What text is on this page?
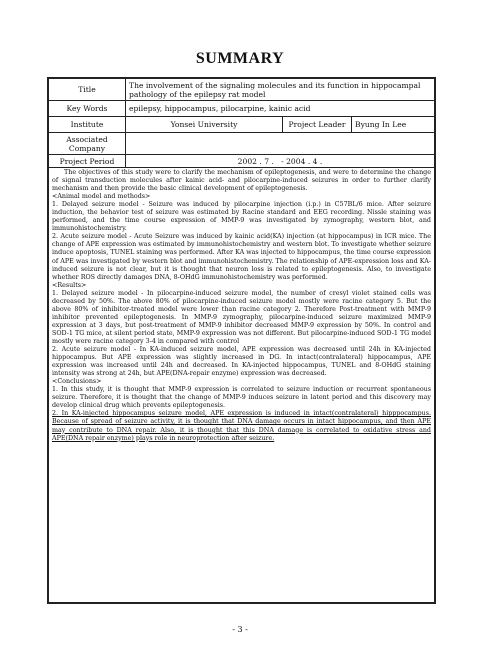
SUMMARY
Title	The involvement of the signaling molecules and its function in hippocampal pathology of the epilepsy rat model		
Key Words	epilepsy, hippocampus, pilocarpine, kainic acid		
Institute	Yonsei University	Project Leader	Byung In Lee
Associated Company			
Project Period	2002 . 7 .   - 2004 . 4 .		

The objectives of this study were to clarify the mechanism of epileptogenesis, and were to determine the change of signal transduction molecules after kainic acid- and pilocarpine-induced seizures in order to further clarify mechanism and then provide the basic clinical development of epileptogenesis.

<Animal model and methods>

1. Delayed seizure model - Seizure was induced by pilocarpine injection (i.p.) in C57BL/6 mice. After seizure induction, the behavior test of seizure was estimated by Racine standard and EEG recording. Nissle staining was performed, and the time course expression of MMP-9 was investigated by zymography, western blot, and immunohistochemistry.

2. Acute seizure model - Acute Seizure was induced by kainic acid(KA) injection (at hippocampus) in ICR mice. The change of APE expression was estimated by immunohistochemistry and western blot. To investigate whether seizure induce apoptosis, TUNEL staining was performed. After KA was injected to hippocampus, the time course expression of APE was investigated by western blot and immunohistochemistry. The relationship of APE-expression loss and KA-induced seizure is not clear, but it is thought that neuron loss is related to epileptogenesis. Also, to investigate whether ROS directly damages DNA, 8-OHdG immunohistochemistry was performed.

<Results>

1. Delayed seizure model - In pilocarpine-induced seizure model, the number of cresyl violet stained cells was decreased by 50%. The above 80% of pilocarpine-induced seizure model mostly were racine category 5. But the above 80% of inhibitor-treated model were lower than racine category 2. Therefore Post-treatment with MMP-9 inhibitor prevented epileptogenesis. In MMP-9 zymography, pilocarpine-induced seizure maximized MMP-9 expression at 3 days, but post-treatment of MMP-9 inhibitor decreased MMP-9 expression by 50%. In control and SOD-1 TG mice, at silent period state, MMP-9 expression was not different. But pilocarpine-induced SOD-1 TG model mostly were racine category 3-4 in compared with control

2. Acute seizure model - In KA-induced seizure model, APE expression was decreased until 24h in KA-injected hippocampus. But APE expression was slightly increased in DG. In intact(contralateral) hippocampus, APE expression was increased until 24h and decreased. In KA-injected hippocampus, TUNEL and 8-OHdG staining intensity was strong at 24h, but APE(DNA-repair enzyme) expression was decreased.

<Conclusions>

1. In this study, it is thought that MMP-9 expression is correlated to seizure induction or recurrent spontaneous seizure. Therefore, it is thought that the change of MMP-9 induces seizure in latent period and this discovery may develop clinical drug which prevents epileptogenesis.

2. In KA-injected hippocampus seizure model, APE expression is induced in intact(contralateral) hipppocampus. Because of spread of seizure activity, it is thought that DNA damage occurs in intact hippocampus, and then APE may contribute to DNA repair. Also, it is thought that this DNA damage is correlated to oxidative stress and APE(DNA repair enzyme) plays role in neuroprotection after seizure.

- 3 -
